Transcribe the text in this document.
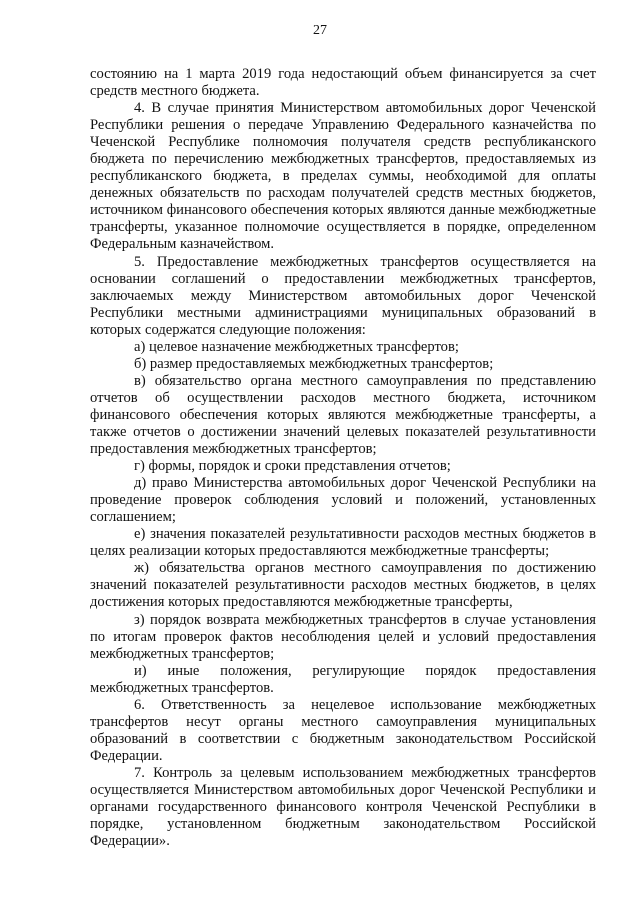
27

состоянию на 1 марта 2019 года недостающий объем финансируется за счет средств местного бюджета.

4. В случае принятия Министерством автомобильных дорог Чеченской Республики решения о передаче Управлению Федерального казначейства по Чеченской Республике полномочия получателя средств республиканского бюджета по перечислению межбюджетных трансфертов, предоставляемых из республиканского бюджета, в пределах суммы, необходимой для оплаты денежных обязательств по расходам получателей средств местных бюджетов, источником финансового обеспечения которых являются данные межбюджетные трансферты, указанное полномочие осуществляется в порядке, определенном Федеральным казначейством.

5. Предоставление межбюджетных трансфертов осуществляется на основании соглашений о предоставлении межбюджетных трансфертов, заключаемых между Министерством автомобильных дорог Чеченской Республики местными администрациями муниципальных образований в которых содержатся следующие положения:

а) целевое назначение межбюджетных трансфертов;

б) размер предоставляемых межбюджетных трансфертов;

в) обязательство органа местного самоуправления по представлению отчетов об осуществлении расходов местного бюджета, источником финансового обеспечения которых являются межбюджетные трансферты, а также отчетов о достижении значений целевых показателей результативности предоставления межбюджетных трансфертов;

г) формы, порядок и сроки представления отчетов;

д) право Министерства автомобильных дорог Чеченской Республики на проведение проверок соблюдения условий и положений, установленных соглашением;

е) значения показателей результативности расходов местных бюджетов в целях реализации которых предоставляются межбюджетные трансферты;

ж) обязательства органов местного самоуправления по достижению значений показателей результативности расходов местных бюджетов, в целях достижения которых предоставляются межбюджетные трансферты,

з) порядок возврата межбюджетных трансфертов в случае установления по итогам проверок фактов несоблюдения целей и условий предоставления межбюджетных трансфертов;

и) иные положения, регулирующие порядок предоставления межбюджетных трансфертов.

6. Ответственность за нецелевое использование межбюджетных трансфертов несут органы местного самоуправления муниципальных образований в соответствии с бюджетным законодательством Российской Федерации.

7. Контроль за целевым использованием межбюджетных трансфертов осуществляется Министерством автомобильных дорог Чеченской Республики и органами государственного финансового контроля Чеченской Республики в порядке, установленном бюджетным законодательством Российской Федерации».
